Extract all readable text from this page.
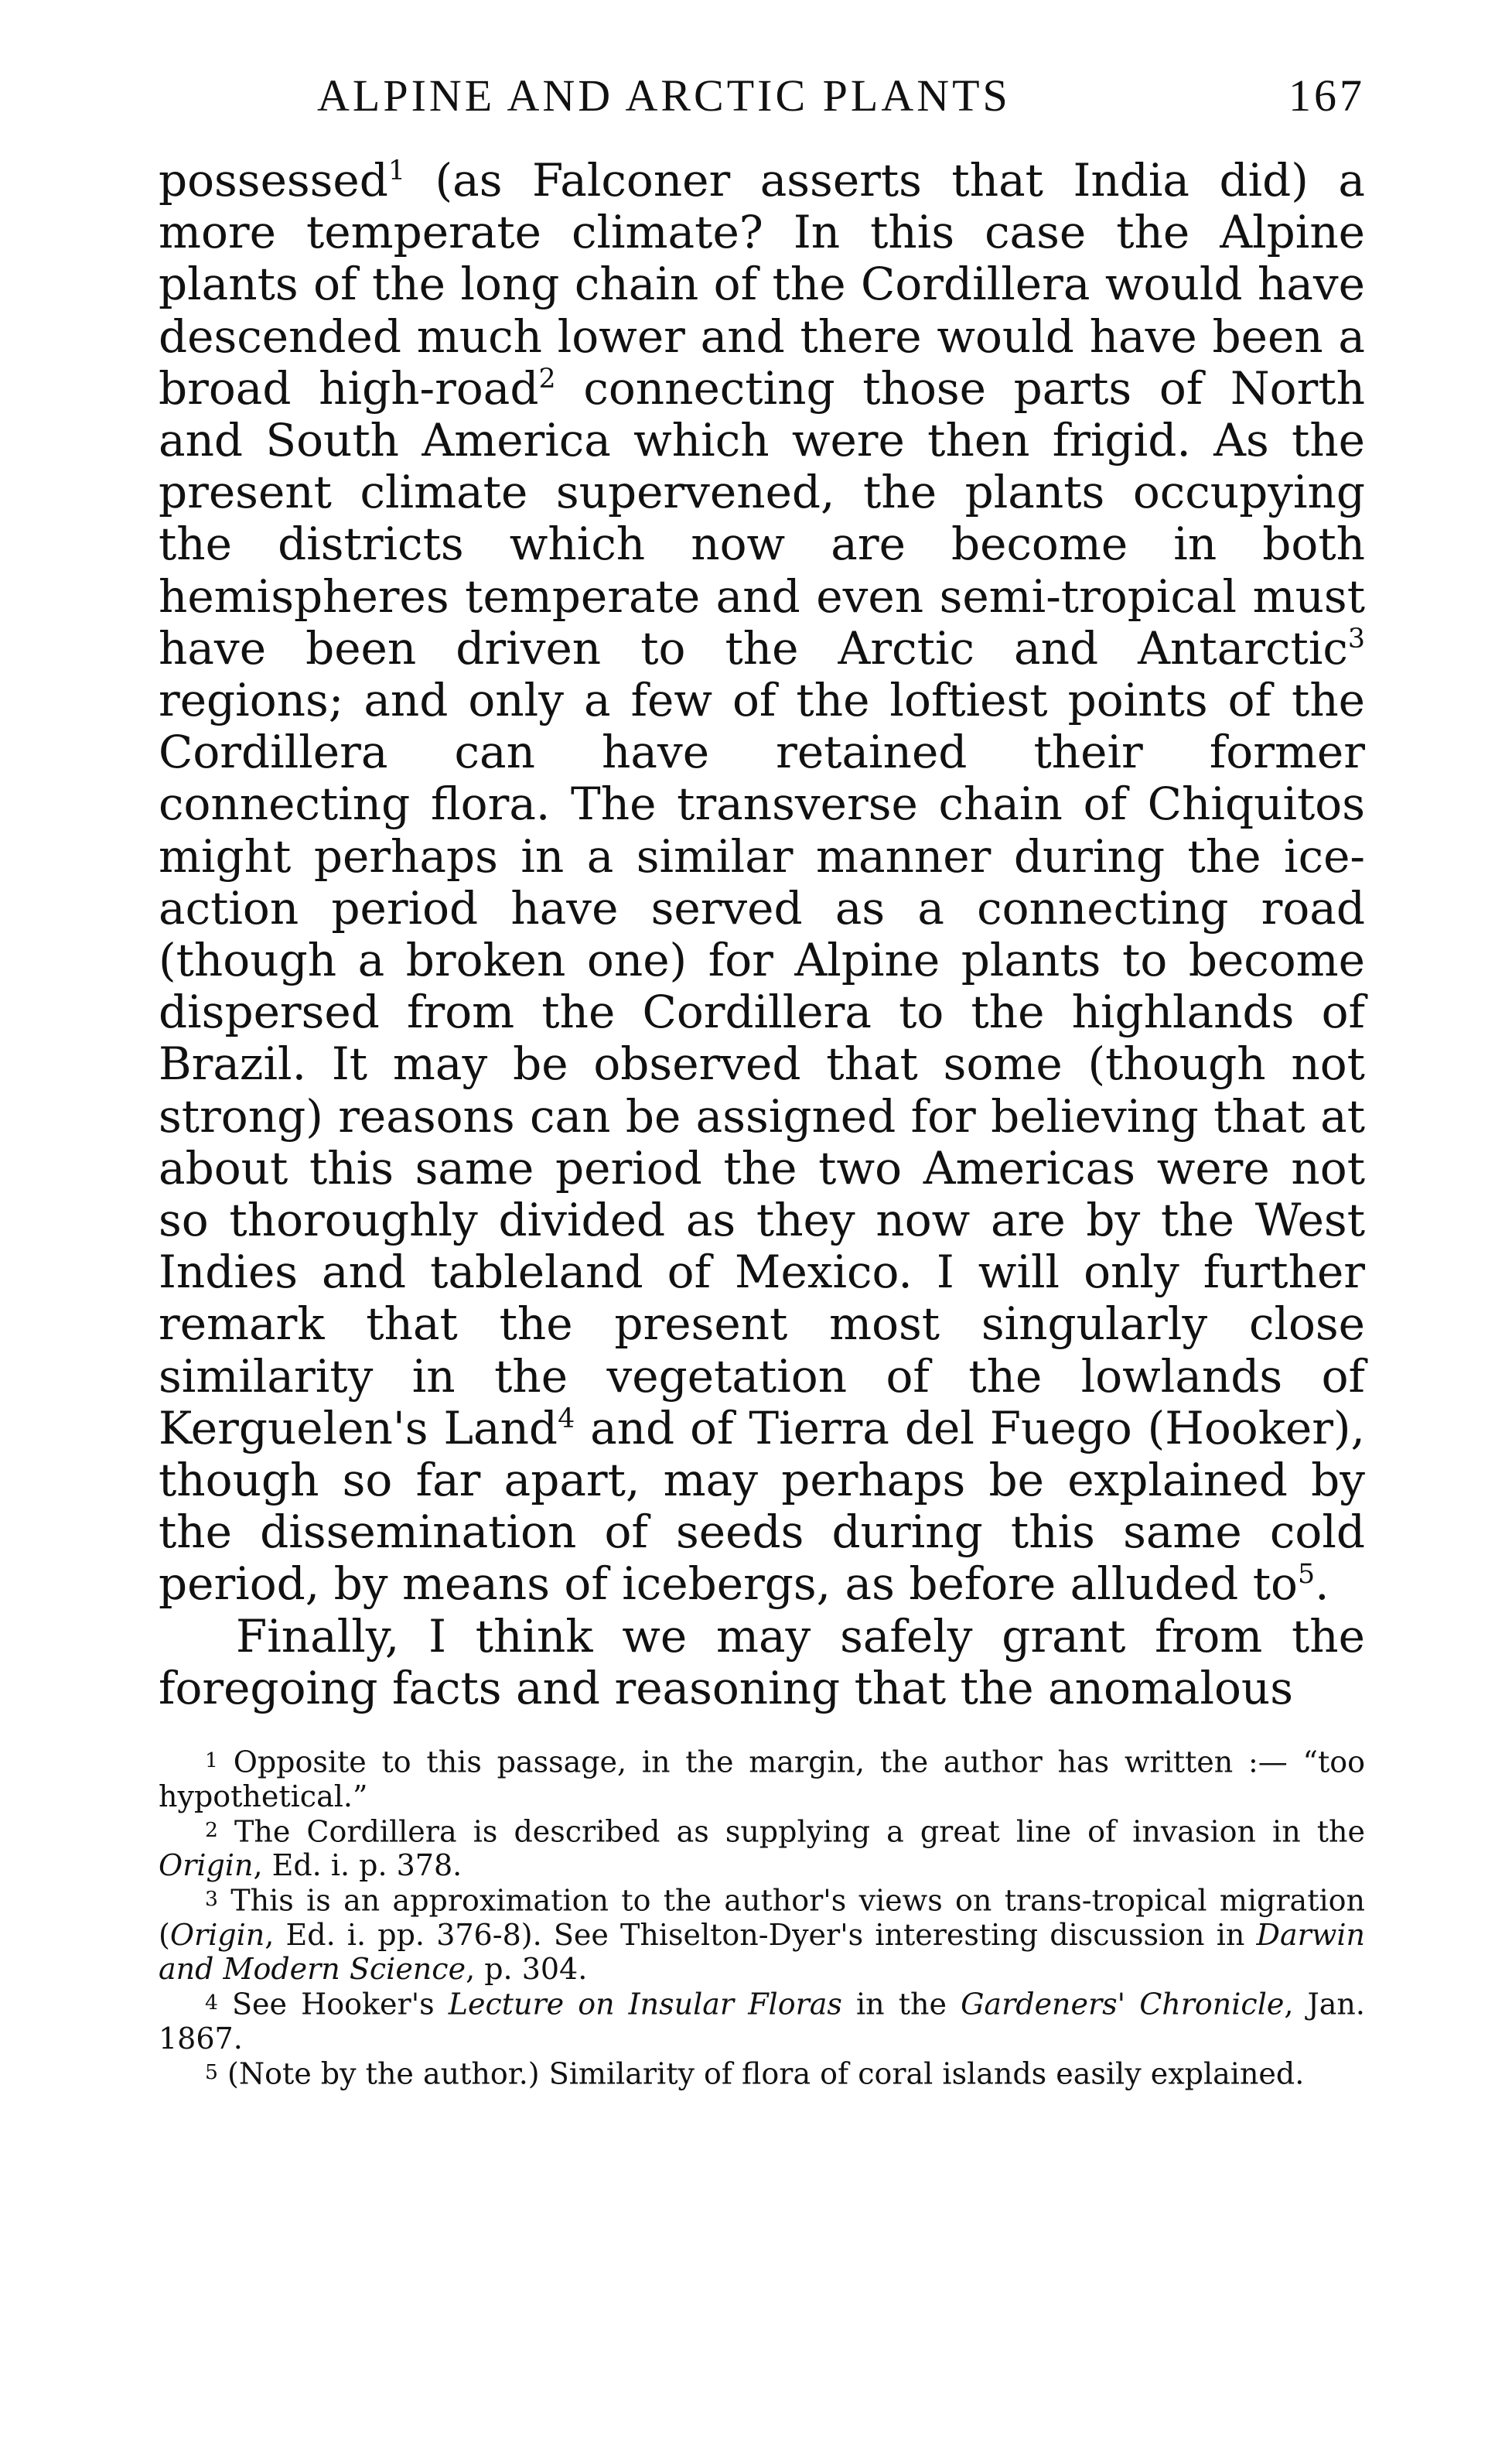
ALPINE AND ARCTIC PLANTS	167

possessed$^1$ (as Falconer asserts that India did) a more temperate climate? In this case the Alpine plants of the long chain of the Cordillera would have descended much lower and there would have been a broad high-road$^2$ connecting those parts of North and South America which were then frigid. As the present climate supervened, the plants occupying the districts which now are become in both hemispheres temperate and even semi-tropical must have been driven to the Arctic and Antarctic$^3$ regions; and only a few of the loftiest points of the Cordillera can have retained their former connecting flora. The transverse chain of Chiquitos might perhaps in a similar manner during the ice-action period have served as a connecting road (though a broken one) for Alpine plants to become dispersed from the Cordillera to the highlands of Brazil. It may be observed that some (though not strong) reasons can be assigned for believing that at about this same period the two Americas were not so thoroughly divided as they now are by the West Indies and tableland of Mexico. I will only further remark that the present most singularly close similarity in the vegetation of the lowlands of Kerguelen's Land$^4$ and of Tierra del Fuego (Hooker), though so far apart, may perhaps be explained by the dissemination of seeds during this same cold period, by means of icebergs, as before alluded $to^5$.

Finally, I think we may safely grant from the foregoing facts and reasoning that the anomalous

1 Opposite to this passage, in the margin, the author has written :— “too hypothetical.”

2 The Cordillera is described as supplying a great line of invasion in the Origin, Ed. i. p. 378.

3 This is an approximation to the author's views on trans-tropical migration (Origin, Ed. i. pp. 376-8). See Thiselton-Dyer's interesting discussion in Darwin and Modern Science, p. 304.

4 See Hooker's Lecture on Insular Floras in the Gardeners' Chronicle, Jan. 1867.

5 (Note by the author.) Similarity of flora of coral islands easily explained.
